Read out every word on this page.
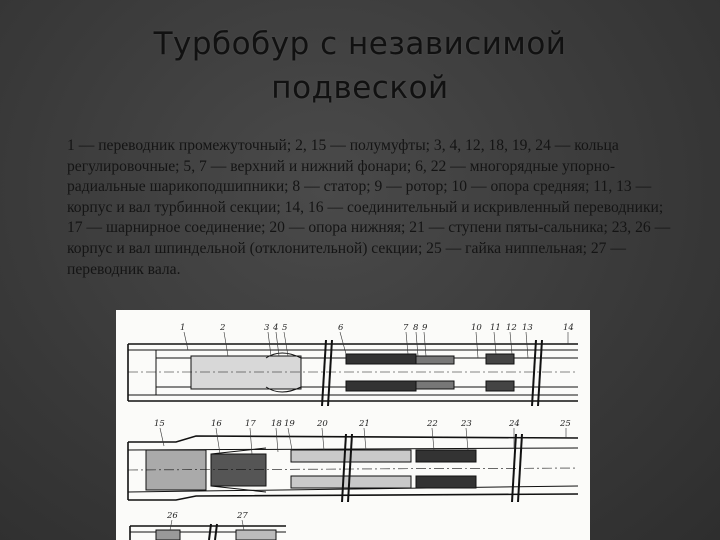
Турбобур с независимой
подвеской
1 — переводник промежуточный; 2, 15 — полумуфты; 3, 4, 12, 18, 19, 24 — кольца регулировочные; 5, 7 — верхний и нижний фонари; 6, 22 — многорядные упорно-радиальные шарикоподшипники; 8 — статор; 9 — ротор; 10 — опора средняя; 11, 13 — корпус и вал турбинной секции; 14, 16 — соединительный и искривленный переводники; 17 — шарнирное соединение; 20 — опора нижняя; 21 — ступени пяты-сальника; 23, 26 — корпус и вал шпиндельной (отклонительной) секции; 25 — гайка ниппельная; 27 — переводник вала.
1	2	3 4 5	6	7 8 9	10 11 12 13	14
15	16	17 18 19	20	21	22	23	24	25
26	27
